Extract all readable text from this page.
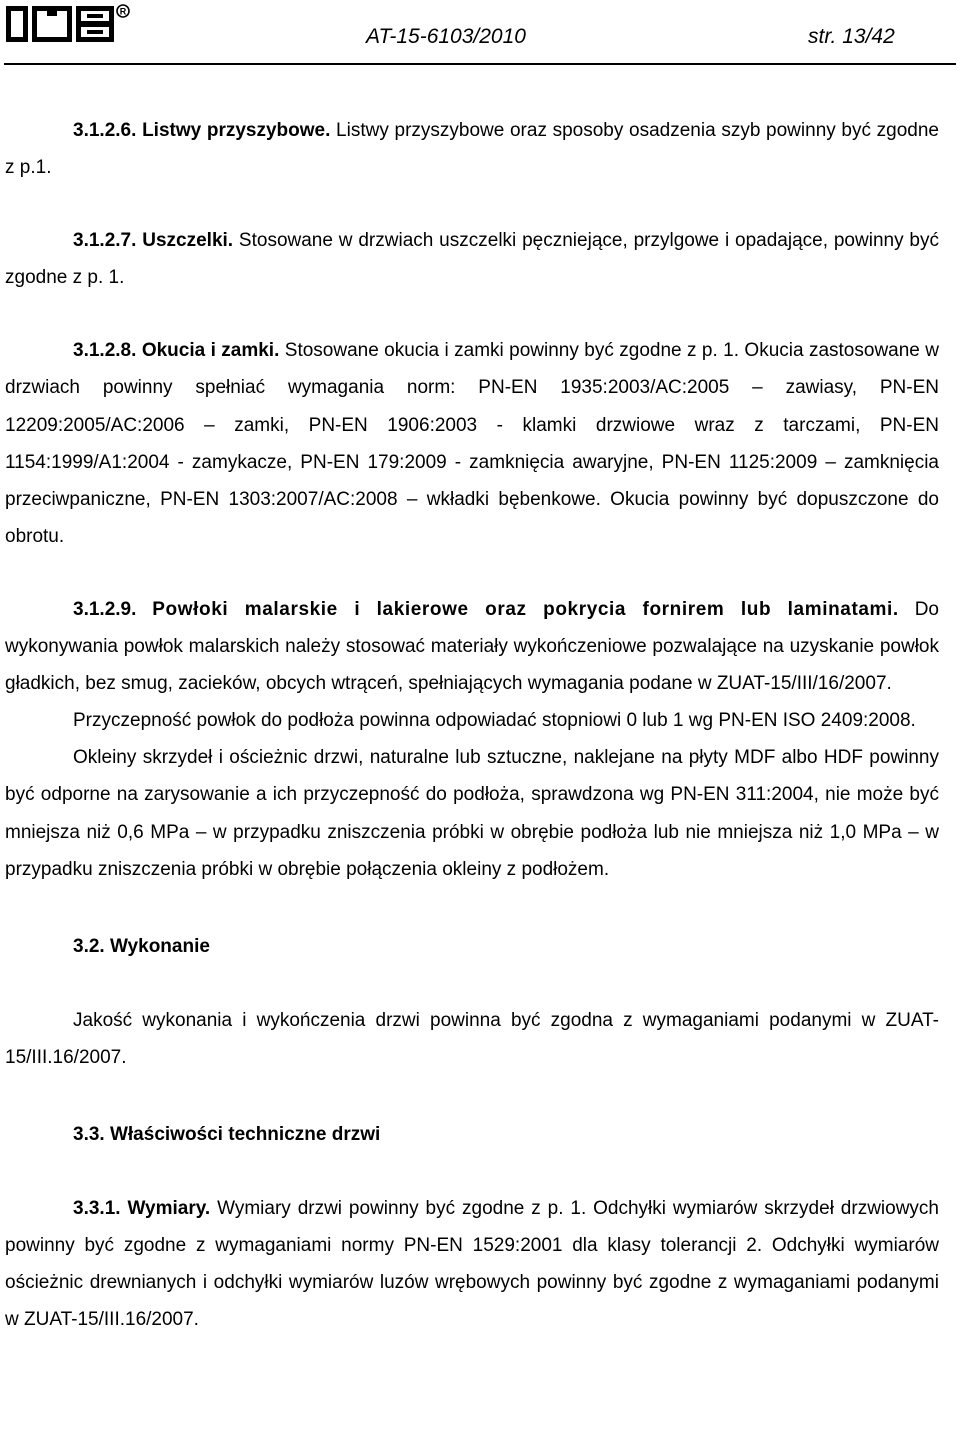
R
AT-15-6103/2010	str. 13/42

3.1.2.6. Listwy przyszybowe. Listwy przyszybowe oraz sposoby osadzenia szyb powinny być zgodne z p.1.

3.1.2.7. Uszczelki. Stosowane w drzwiach uszczelki pęczniejące, przylgowe i opadające, powinny być zgodne z p. 1.

3.1.2.8. Okucia i zamki. Stosowane okucia i zamki powinny być zgodne z p. 1. Okucia zastosowane w drzwiach powinny spełniać wymagania norm: PN-EN 1935:2003/AC:2005 – zawiasy, PN-EN 12209:2005/AC:2006 – zamki, PN-EN 1906:2003 - klamki drzwiowe wraz z tarczami, PN-EN 1154:1999/A1:2004 - zamykacze, PN-EN 179:2009 - zamknięcia awaryjne, PN-EN 1125:2009 – zamknięcia przeciwpaniczne, PN-EN 1303:2007/AC:2008 – wkładki bębenkowe. Okucia powinny być dopuszczone do obrotu.

3.1.2.9. Powłoki malarskie i lakierowe oraz pokrycia fornirem lub laminatami. Do wykonywania powłok malarskich należy stosować materiały wykończeniowe pozwalające na uzyskanie powłok gładkich, bez smug, zacieków, obcych wtrąceń, spełniających wymagania podane w ZUAT-15/III/16/2007.

Przyczepność powłok do podłoża powinna odpowiadać stopniowi 0 lub 1 wg PN-EN ISO 2409:2008.

Okleiny skrzydeł i ościeżnic drzwi, naturalne lub sztuczne, naklejane na płyty MDF albo HDF powinny być odporne na zarysowanie a ich przyczepność do podłoża, sprawdzona wg PN-EN 311:2004, nie może być mniejsza niż 0,6 MPa – w przypadku zniszczenia próbki w obrębie podłoża lub nie mniejsza niż 1,0 MPa – w przypadku zniszczenia próbki w obrębie połączenia okleiny z podłożem.

3.2. Wykonanie

Jakość wykonania i wykończenia drzwi powinna być zgodna z wymaganiami podanymi w ZUAT-15/III.16/2007.

3.3. Właściwości techniczne drzwi

3.3.1. Wymiary. Wymiary drzwi powinny być zgodne z p. 1. Odchyłki wymiarów skrzydeł drzwiowych powinny być zgodne z wymaganiami normy PN-EN 1529:2001 dla klasy tolerancji 2. Odchyłki wymiarów ościeżnic drewnianych i odchyłki wymiarów luzów wrębowych powinny być zgodne z wymaganiami podanymi w ZUAT-15/III.16/2007.
